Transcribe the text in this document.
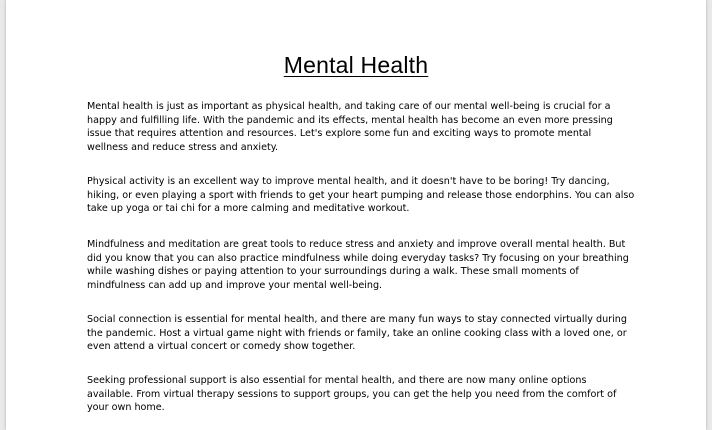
Mental Health

Mental health is just as important as physical health, and taking care of our mental well-being is crucial for a happy and fulfilling life. With the pandemic and its effects, mental health has become an even more pressing issue that requires attention and resources. Let's explore some fun and exciting ways to promote mental wellness and reduce stress and anxiety.

Physical activity is an excellent way to improve mental health, and it doesn't have to be boring! Try dancing, hiking, or even playing a sport with friends to get your heart pumping and release those endorphins. You can also take up yoga or tai chi for a more calming and meditative workout.

Mindfulness and meditation are great tools to reduce stress and anxiety and improve overall mental health. But did you know that you can also practice mindfulness while doing everyday tasks? Try focusing on your breathing while washing dishes or paying attention to your surroundings during a walk. These small moments of mindfulness can add up and improve your mental well-being.

Social connection is essential for mental health, and there are many fun ways to stay connected virtually during the pandemic. Host a virtual game night with friends or family, take an online cooking class with a loved one, or even attend a virtual concert or comedy show together.

Seeking professional support is also essential for mental health, and there are now many online options available. From virtual therapy sessions to support groups, you can get the help you need from the comfort of your own home.
